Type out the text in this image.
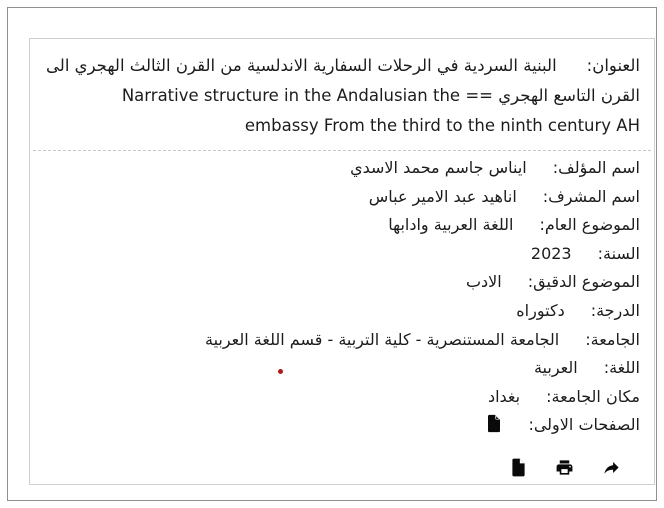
العنوان:البنية السردية في الرحلات السفارية الاندلسية من القرن الثالث الهجري الى القرن التاسع الهجري == Narrative structure in the Andalusian the embassy From the third to the ninth century AH
اسم المؤلف:ايناس جاسم محمد الاسدي
اسم المشرف:اناهيد عبد الامير عباس
الموضوع العام:اللغة العربية وادابها
السنة:2023
الموضوع الدقيق:الادب
الدرجة:دكتوراه
الجامعة:الجامعة المستنصرية - كلية التربية - قسم اللغة العربية
اللغة:العربية
مكان الجامعة:بغداد
الصفحات الاولى:
